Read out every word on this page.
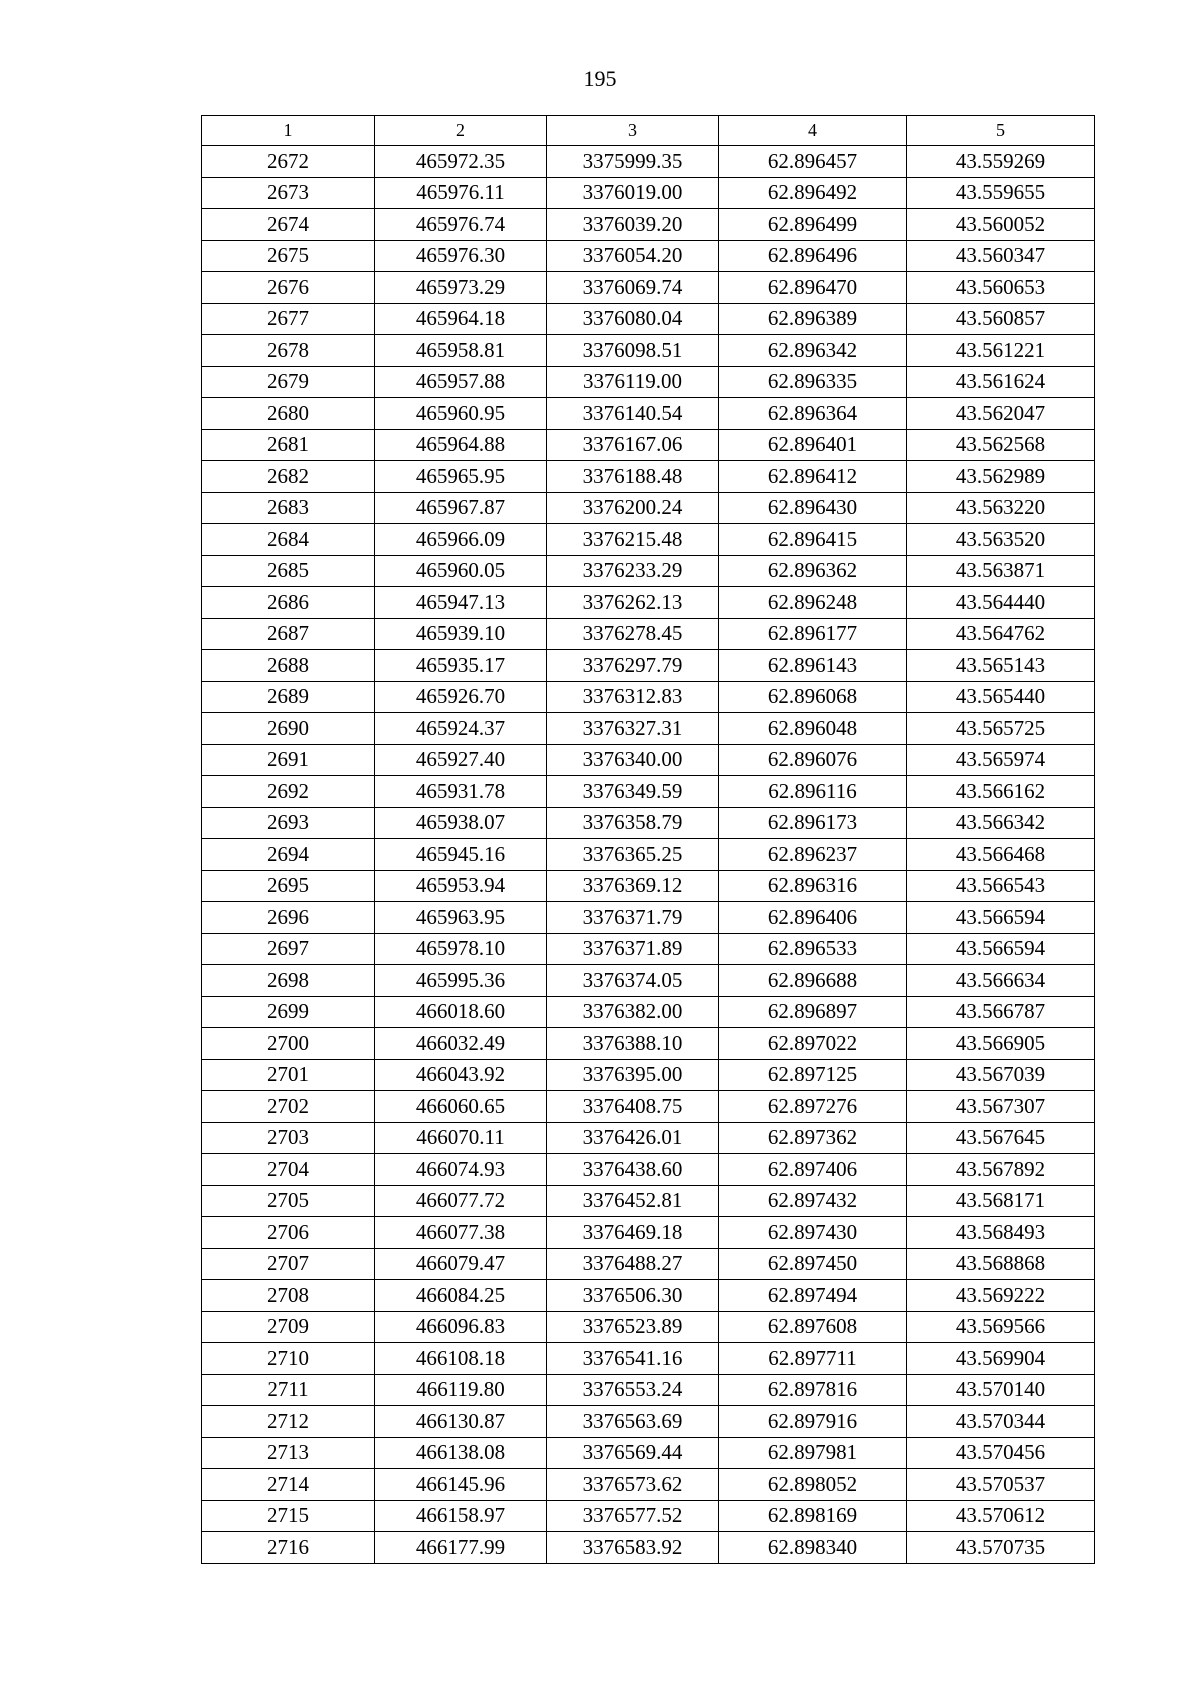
195
1	2	3	4	5
2672	465972.35	3375999.35	62.896457	43.559269
2673	465976.11	3376019.00	62.896492	43.559655
2674	465976.74	3376039.20	62.896499	43.560052
2675	465976.30	3376054.20	62.896496	43.560347
2676	465973.29	3376069.74	62.896470	43.560653
2677	465964.18	3376080.04	62.896389	43.560857
2678	465958.81	3376098.51	62.896342	43.561221
2679	465957.88	3376119.00	62.896335	43.561624
2680	465960.95	3376140.54	62.896364	43.562047
2681	465964.88	3376167.06	62.896401	43.562568
2682	465965.95	3376188.48	62.896412	43.562989
2683	465967.87	3376200.24	62.896430	43.563220
2684	465966.09	3376215.48	62.896415	43.563520
2685	465960.05	3376233.29	62.896362	43.563871
2686	465947.13	3376262.13	62.896248	43.564440
2687	465939.10	3376278.45	62.896177	43.564762
2688	465935.17	3376297.79	62.896143	43.565143
2689	465926.70	3376312.83	62.896068	43.565440
2690	465924.37	3376327.31	62.896048	43.565725
2691	465927.40	3376340.00	62.896076	43.565974
2692	465931.78	3376349.59	62.896116	43.566162
2693	465938.07	3376358.79	62.896173	43.566342
2694	465945.16	3376365.25	62.896237	43.566468
2695	465953.94	3376369.12	62.896316	43.566543
2696	465963.95	3376371.79	62.896406	43.566594
2697	465978.10	3376371.89	62.896533	43.566594
2698	465995.36	3376374.05	62.896688	43.566634
2699	466018.60	3376382.00	62.896897	43.566787
2700	466032.49	3376388.10	62.897022	43.566905
2701	466043.92	3376395.00	62.897125	43.567039
2702	466060.65	3376408.75	62.897276	43.567307
2703	466070.11	3376426.01	62.897362	43.567645
2704	466074.93	3376438.60	62.897406	43.567892
2705	466077.72	3376452.81	62.897432	43.568171
2706	466077.38	3376469.18	62.897430	43.568493
2707	466079.47	3376488.27	62.897450	43.568868
2708	466084.25	3376506.30	62.897494	43.569222
2709	466096.83	3376523.89	62.897608	43.569566
2710	466108.18	3376541.16	62.897711	43.569904
2711	466119.80	3376553.24	62.897816	43.570140
2712	466130.87	3376563.69	62.897916	43.570344
2713	466138.08	3376569.44	62.897981	43.570456
2714	466145.96	3376573.62	62.898052	43.570537
2715	466158.97	3376577.52	62.898169	43.570612
2716	466177.99	3376583.92	62.898340	43.570735
